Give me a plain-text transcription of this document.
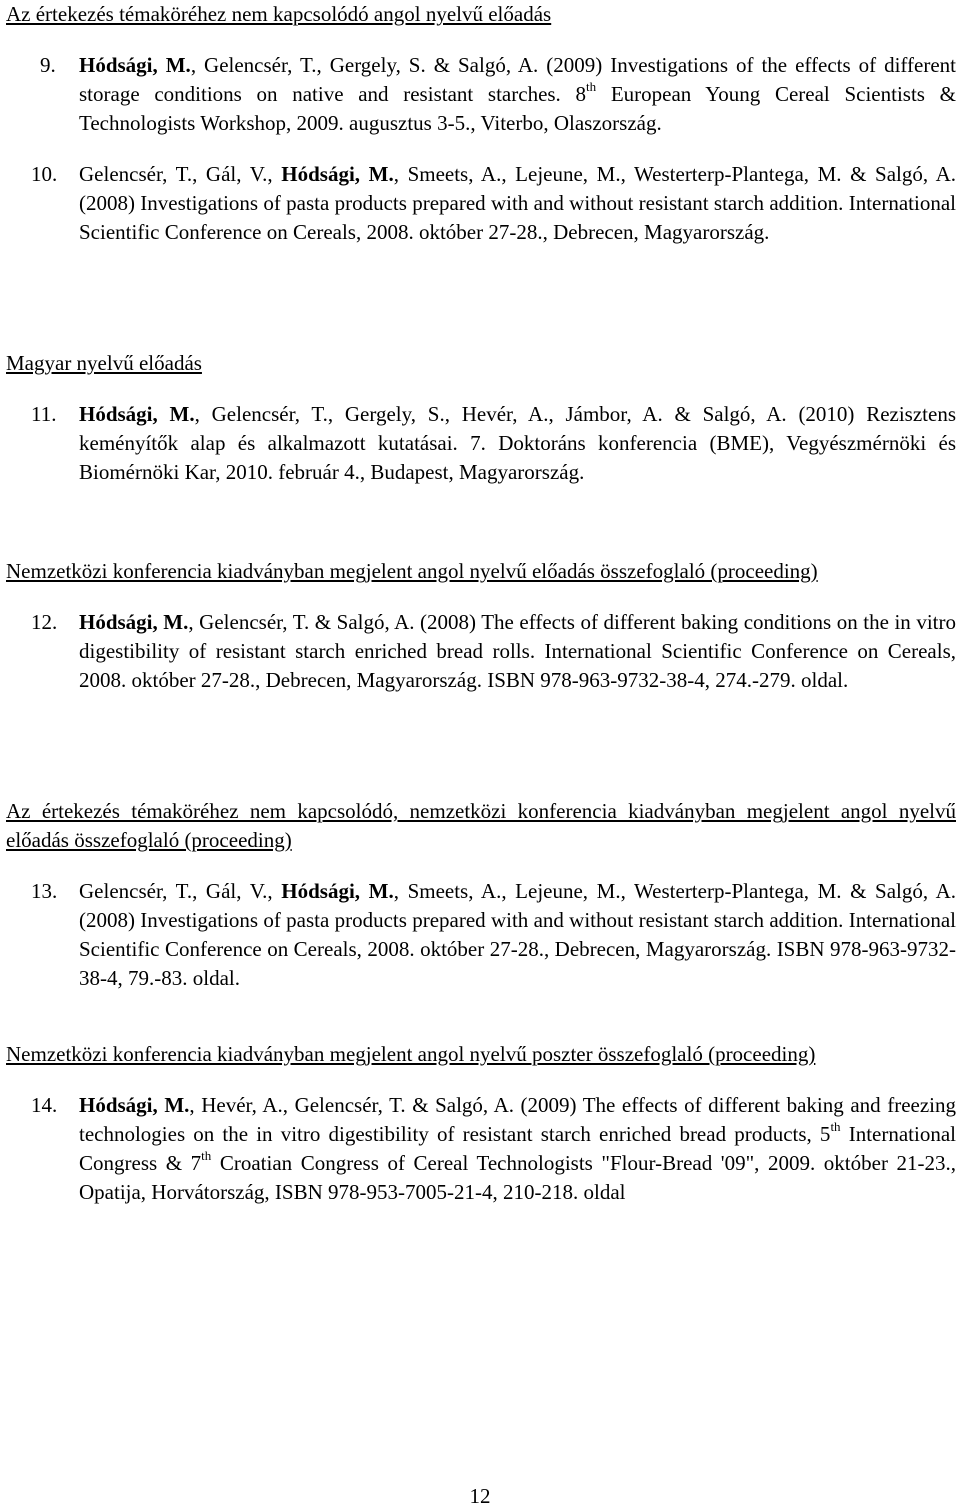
Az értekezés témaköréhez nem kapcsolódó angol nyelvű előadás
9. Hódsági, M., Gelencsér, T., Gergely, S. & Salgó, A. (2009) Investigations of the effects of different storage conditions on native and resistant starches. 8th European Young Cereal Scientists & Technologists Workshop, 2009. augusztus 3-5., Viterbo, Olaszország.
10. Gelencsér, T., Gál, V., Hódsági, M., Smeets, A., Lejeune, M., Westerterp-Plantega, M. & Salgó, A. (2008) Investigations of pasta products prepared with and without resistant starch addition. International Scientific Conference on Cereals, 2008. október 27-28., Debrecen, Magyarország.
Magyar nyelvű előadás
11. Hódsági, M., Gelencsér, T., Gergely, S., Hevér, A., Jámbor, A. & Salgó, A. (2010) Rezisztens keményítők alap és alkalmazott kutatásai. 7. Doktoráns konferencia (BME), Vegyészmérnöki és Biomérnöki Kar, 2010. február 4., Budapest, Magyarország.
Nemzetközi konferencia kiadványban megjelent angol nyelvű előadás összefoglaló (proceeding)
12. Hódsági, M., Gelencsér, T. & Salgó, A. (2008) The effects of different baking conditions on the in vitro digestibility of resistant starch enriched bread rolls. International Scientific Conference on Cereals, 2008. október 27-28., Debrecen, Magyarország. ISBN 978-963-9732-38-4, 274.-279. oldal.
Az értekezés témaköréhez nem kapcsolódó, nemzetközi konferencia kiadványban megjelent angol nyelvű előadás összefoglaló (proceeding)
13. Gelencsér, T., Gál, V., Hódsági, M., Smeets, A., Lejeune, M., Westerterp-Plantega, M. & Salgó, A. (2008) Investigations of pasta products prepared with and without resistant starch addition. International Scientific Conference on Cereals, 2008. október 27-28., Debrecen, Magyarország. ISBN 978-963-9732-38-4, 79.-83. oldal.
Nemzetközi konferencia kiadványban megjelent angol nyelvű poszter összefoglaló (proceeding)
14. Hódsági, M., Hevér, A., Gelencsér, T. & Salgó, A. (2009) The effects of different baking and freezing technologies on the in vitro digestibility of resistant starch enriched bread products, 5th International Congress & 7th Croatian Congress of Cereal Technologists "Flour-Bread '09", 2009. október 21-23., Opatija, Horvátország, ISBN 978-953-7005-21-4, 210-218. oldal
12
